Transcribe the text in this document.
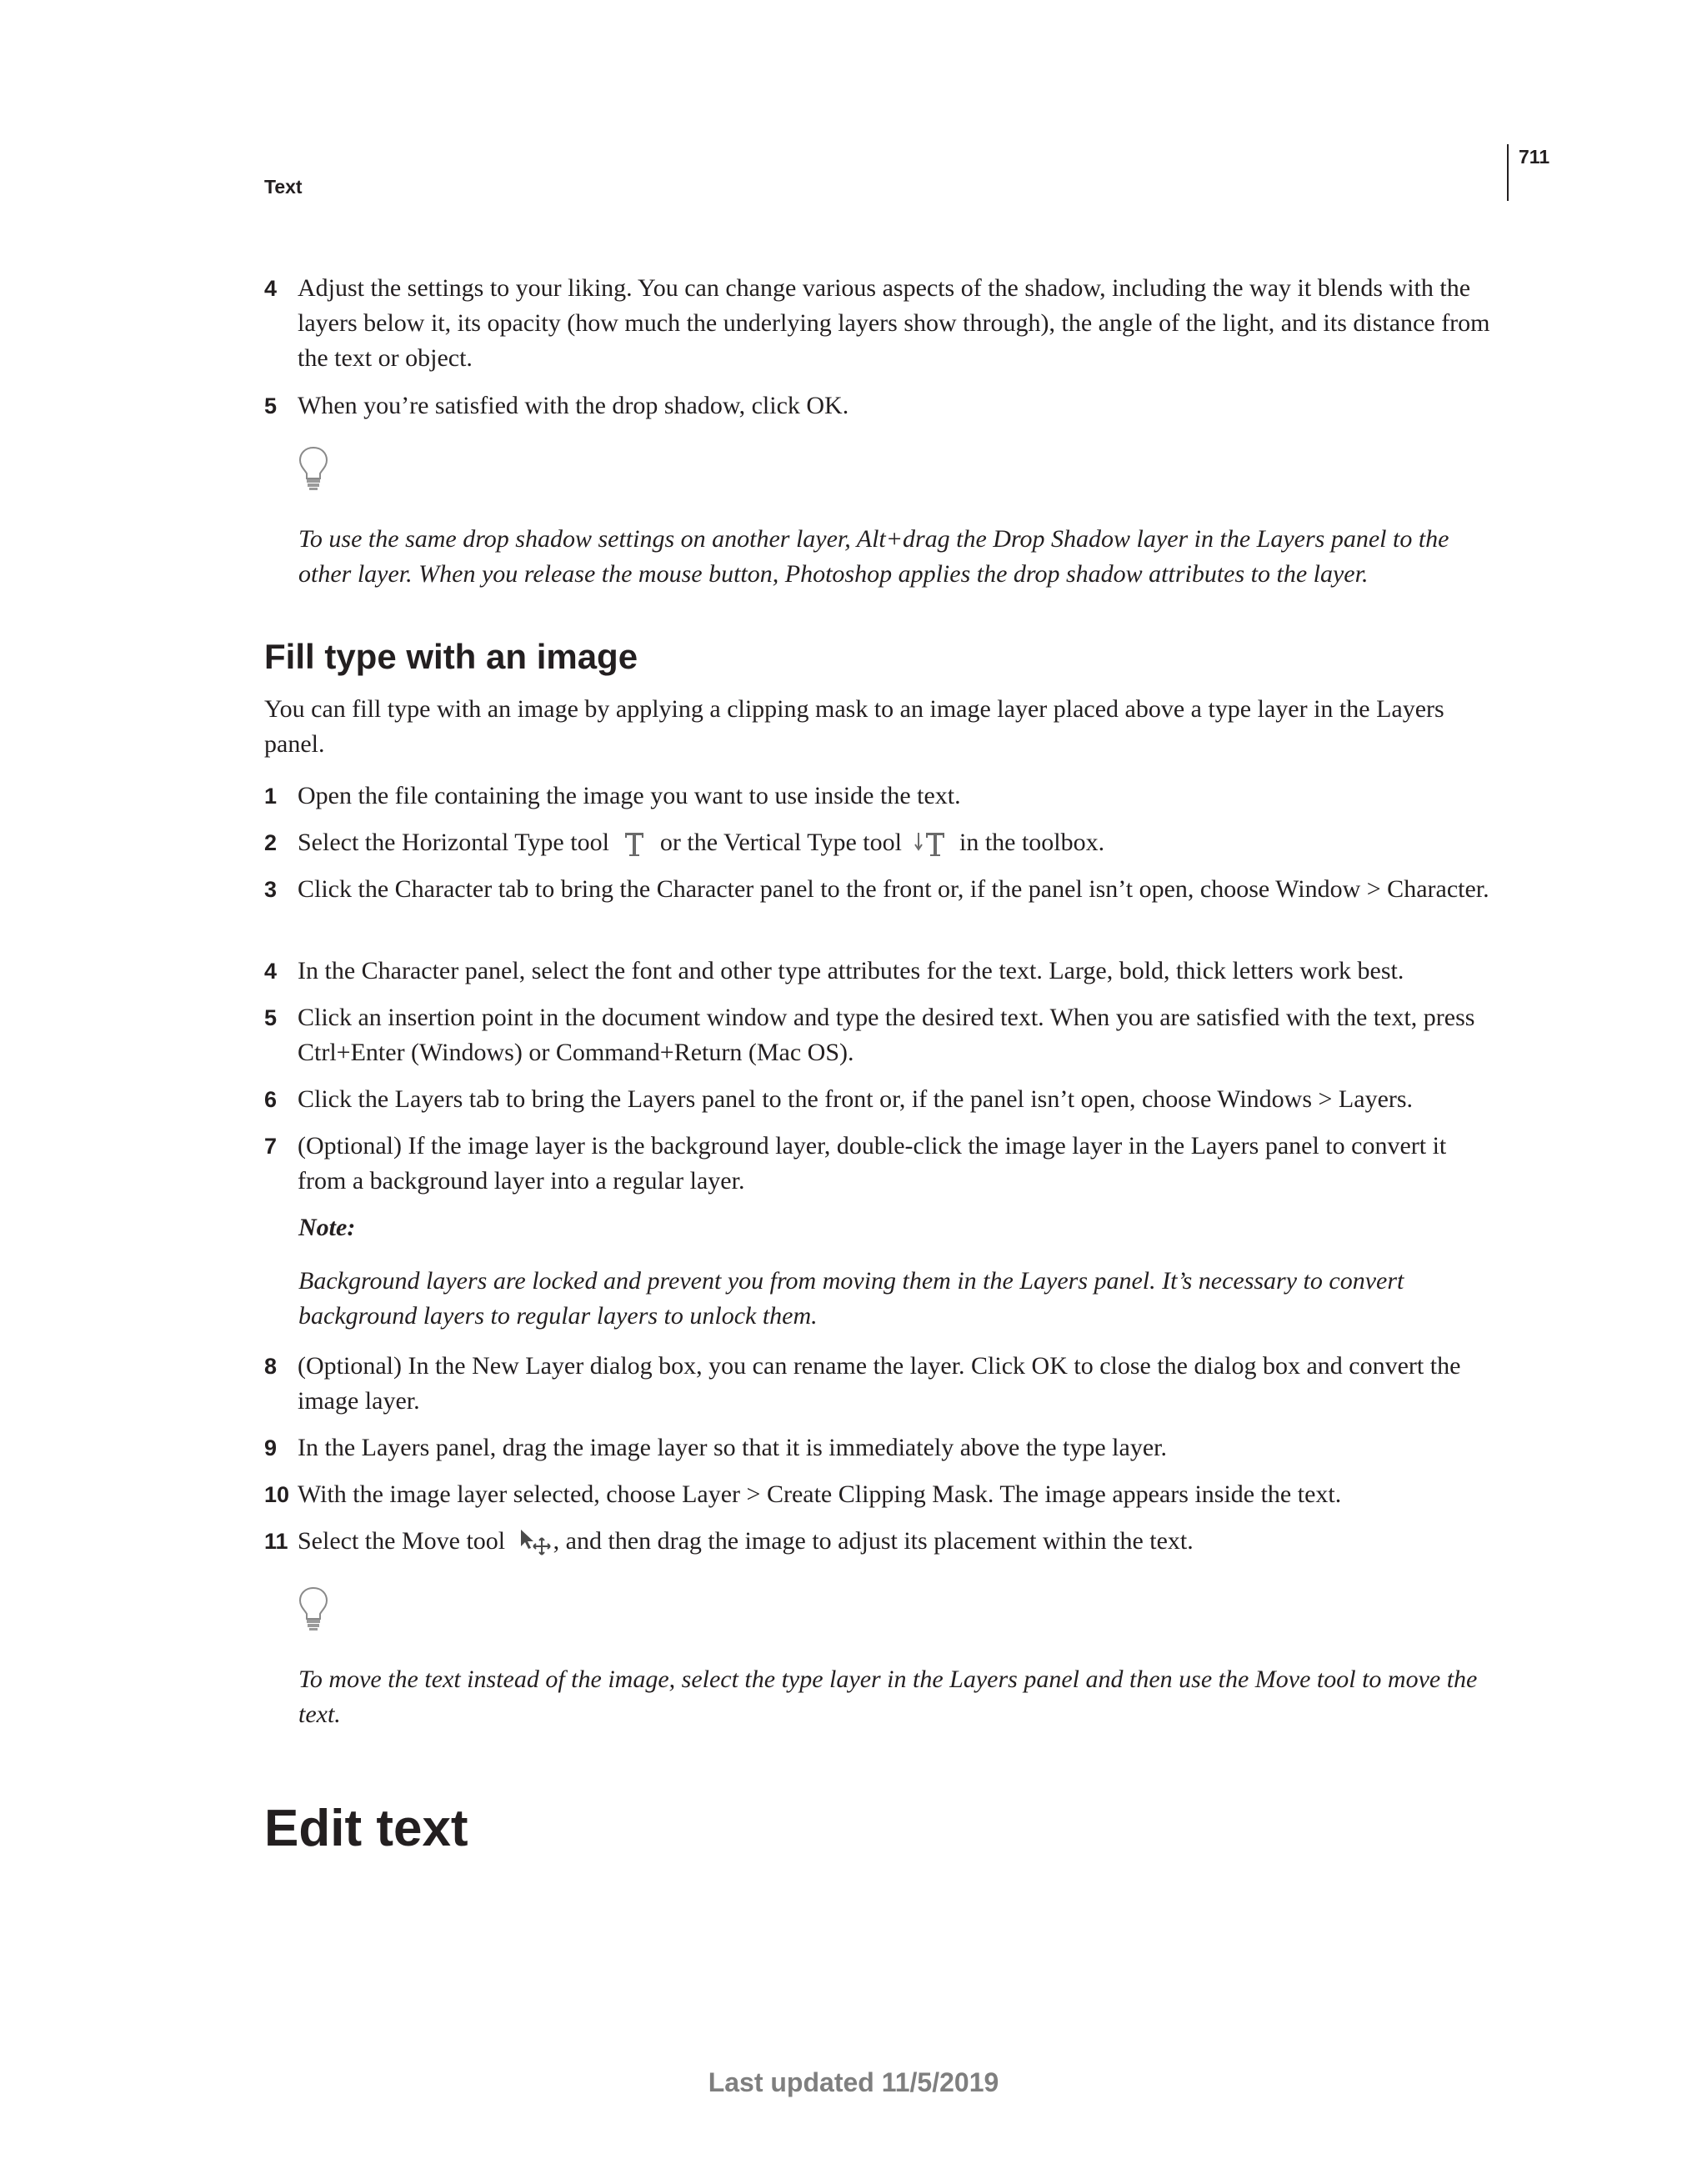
Text
711
4 Adjust the settings to your liking. You can change various aspects of the shadow, including the way it blends with the layers below it, its opacity (how much the underlying layers show through), the angle of the light, and its distance from the text or object.
5 When you’re satisfied with the drop shadow, click OK.
To use the same drop shadow settings on another layer, Alt+drag the Drop Shadow layer in the Layers panel to the other layer. When you release the mouse button, Photoshop applies the drop shadow attributes to the layer.
Fill type with an image
You can fill type with an image by applying a clipping mask to an image layer placed above a type layer in the Layers panel.
1 Open the file containing the image you want to use inside the text.
2 Select the Horizontal Type tool or the Vertical Type tool in the toolbox.
3 Click the Character tab to bring the Character panel to the front or, if the panel isn’t open, choose Window > Character.
4 In the Character panel, select the font and other type attributes for the text. Large, bold, thick letters work best.
5 Click an insertion point in the document window and type the desired text. When you are satisfied with the text, press Ctrl+Enter (Windows) or Command+Return (Mac OS).
6 Click the Layers tab to bring the Layers panel to the front or, if the panel isn’t open, choose Windows > Layers.
7 (Optional) If the image layer is the background layer, double-click the image layer in the Layers panel to convert it from a background layer into a regular layer.
Note:
Background layers are locked and prevent you from moving them in the Layers panel. It’s necessary to convert background layers to regular layers to unlock them.
8 (Optional) In the New Layer dialog box, you can rename the layer. Click OK to close the dialog box and convert the image layer.
9 In the Layers panel, drag the image layer so that it is immediately above the type layer.
10 With the image layer selected, choose Layer > Create Clipping Mask. The image appears inside the text.
11 Select the Move tool , and then drag the image to adjust its placement within the text.
To move the text instead of the image, select the type layer in the Layers panel and then use the Move tool to move the text.
Edit text
Last updated 11/5/2019
